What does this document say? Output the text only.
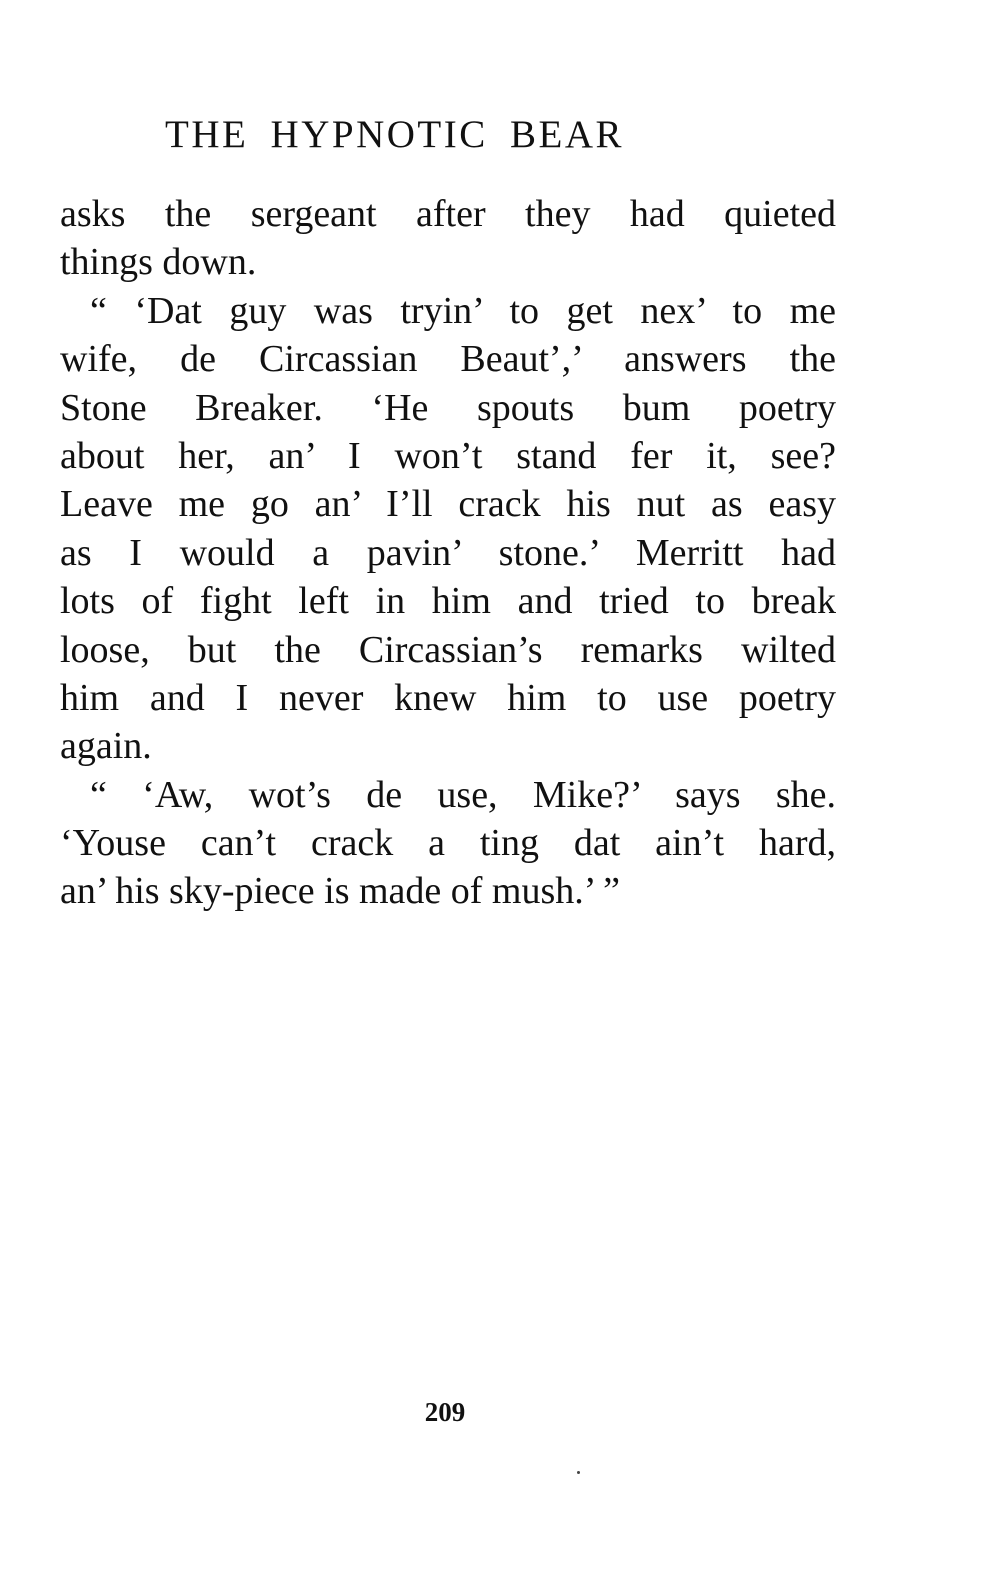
THE HYPNOTIC BEAR
asks the sergeant after they had quieted
things down.
“ ‘Dat guy was tryin’ to get nex’ to me
wife, de Circassian Beaut’,’ answers the
Stone Breaker. ‘He spouts bum poetry
about her, an’ I won’t stand fer it, see?
Leave me go an’ I’ll crack his nut as easy
as I would a pavin’ stone.’ Merritt had
lots of fight left in him and tried to break
loose, but the Circassian’s remarks wilted
him and I never knew him to use poetry
again.
“ ‘Aw, wot’s de use, Mike?’ says she.
‘Youse can’t crack a ting dat ain’t hard,
an’ his sky-piece is made of mush.’ ”
209
